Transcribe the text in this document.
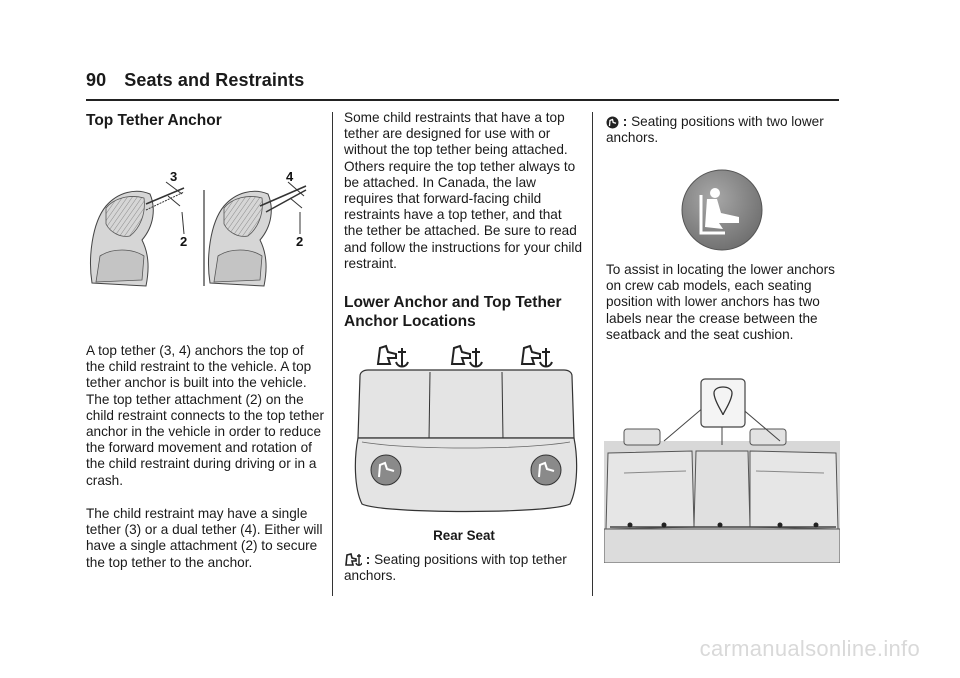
90 Seats and Restraints
Top Tether Anchor
3
2
4
2

A top tether (3, 4) anchors the top of the child restraint to the vehicle. A top tether anchor is built into the vehicle. The top tether attachment (2) on the child restraint connects to the top tether anchor in the vehicle in order to reduce the forward movement and rotation of the child restraint during driving or in a crash.

The child restraint may have a single tether (3) or a dual tether (4). Either will have a single attachment (2) to secure the top tether to the anchor.

Some child restraints that have a top tether are designed for use with or without the top tether being attached. Others require the top tether always to be attached. In Canada, the law requires that forward-facing child restraints have a top tether, and that the tether be attached. Be sure to read and follow the instructions for your child restraint.

Lower Anchor and Top Tether Anchor Locations
Rear Seat
: Seating positions with top tether anchors.
: Seating positions with two lower anchors.

To assist in locating the lower anchors on crew cab models, each seating position with lower anchors has two labels near the crease between the seatback and the seat cushion.

carmanualsonline.info
